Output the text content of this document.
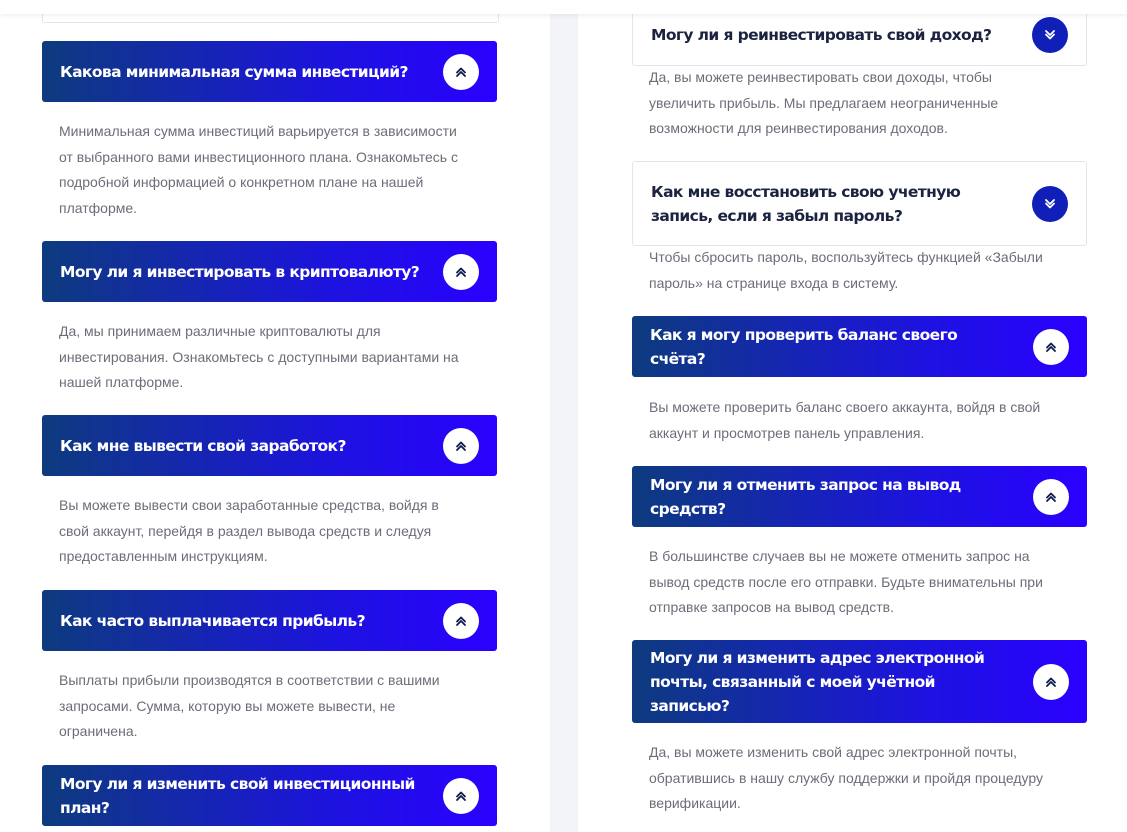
Какова минимальная сумма инвестиций?
Минимальная сумма инвестиций варьируется в зависимости от выбранного вами инвестиционного плана. Ознакомьтесь с подробной информацией о конкретном плане на нашей платформе.
Могу ли я инвестировать в криптовалюту?
Да, мы принимаем различные криптовалюты для инвестирования. Ознакомьтесь с доступными вариантами на нашей платформе.
Как мне вывести свой заработок?
Вы можете вывести свои заработанные средства, войдя в свой аккаунт, перейдя в раздел вывода средств и следуя предоставленным инструкциям.
Как часто выплачивается прибыль?
Выплаты прибыли производятся в соответствии с вашими запросами. Сумма, которую вы можете вывести, не ограничена.
Могу ли я изменить свой инвестиционный план?
Могу ли я реинвестировать свой доход?
Да, вы можете реинвестировать свои доходы, чтобы увеличить прибыль. Мы предлагаем неограниченные возможности для реинвестирования доходов.
Как мне восстановить свою учетную запись, если я забыл пароль?
Чтобы сбросить пароль, воспользуйтесь функцией «Забыли пароль» на странице входа в систему.
Как я могу проверить баланс своего счёта?
Вы можете проверить баланс своего аккаунта, войдя в свой аккаунт и просмотрев панель управления.
Могу ли я отменить запрос на вывод средств?
В большинстве случаев вы не можете отменить запрос на вывод средств после его отправки. Будьте внимательны при отправке запросов на вывод средств.
Могу ли я изменить адрес электронной почты, связанный с моей учётной записью?
Да, вы можете изменить свой адрес электронной почты, обратившись в нашу службу поддержки и пройдя процедуру верификации.
